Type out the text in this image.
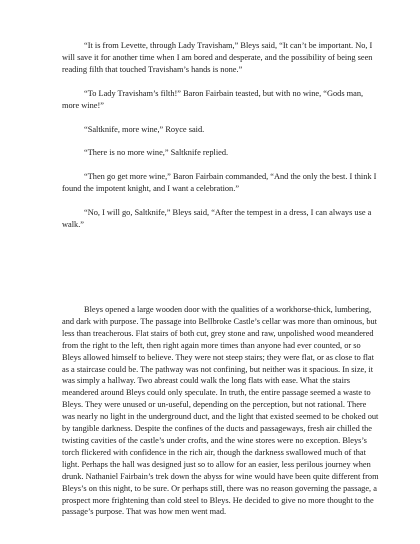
“It is from Levette, through Lady Travisham,” Bleys said, “It can’t be important. No, I will save it for another time when I am bored and desperate, and the possibility of being seen reading filth that touched Travisham’s hands is none.”

“To Lady Travisham’s filth!” Baron Fairbain teasted, but with no wine, “Gods man, more wine!”

“Saltknife, more wine,” Royce said.

“There is no more wine,” Saltknife replied.

“Then go get more wine,” Baron Fairbain commanded, “And the only the best. I think I found the impotent knight, and I want a celebration.”

“No, I will go, Saltknife,” Bleys said, “After the tempest in a dress, I can always use a walk.”

Bleys opened a large wooden door with the qualities of a workhorse-thick, lumbering, and dark with purpose. The passage into Bellbroke Castle’s cellar was more than ominous, but less than treacherous. Flat stairs of both cut, grey stone and raw, unpolished wood meandered from the right to the left, then right again more times than anyone had ever counted, or so Bleys allowed himself to believe. They were not steep stairs; they were flat, or as close to flat as a staircase could be. The pathway was not confining, but neither was it spacious. In size, it was simply a hallway. Two abreast could walk the long flats with ease. What the stairs meandered around Bleys could only speculate. In truth, the entire passage seemed a waste to Bleys. They were unused or un-useful, depending on the perception, but not rational. There was nearly no light in the underground duct, and the light that existed seemed to be choked out by tangible darkness. Despite the confines of the ducts and passageways, fresh air chilled the twisting cavities of the castle’s under crofts, and the wine stores were no exception. Bleys’s torch flickered with confidence in the rich air, though the darkness swallowed much of that light. Perhaps the hall was designed just so to allow for an easier, less perilous journey when drunk. Nathaniel Fairbain’s trek down the abyss for wine would have been quite different from Bleys’s on this night, to be sure. Or perhaps still, there was no reason governing the passage, a prospect more frightening than cold steel to Bleys. He decided to give no more thought to the passage’s purpose. That was how men went mad.
